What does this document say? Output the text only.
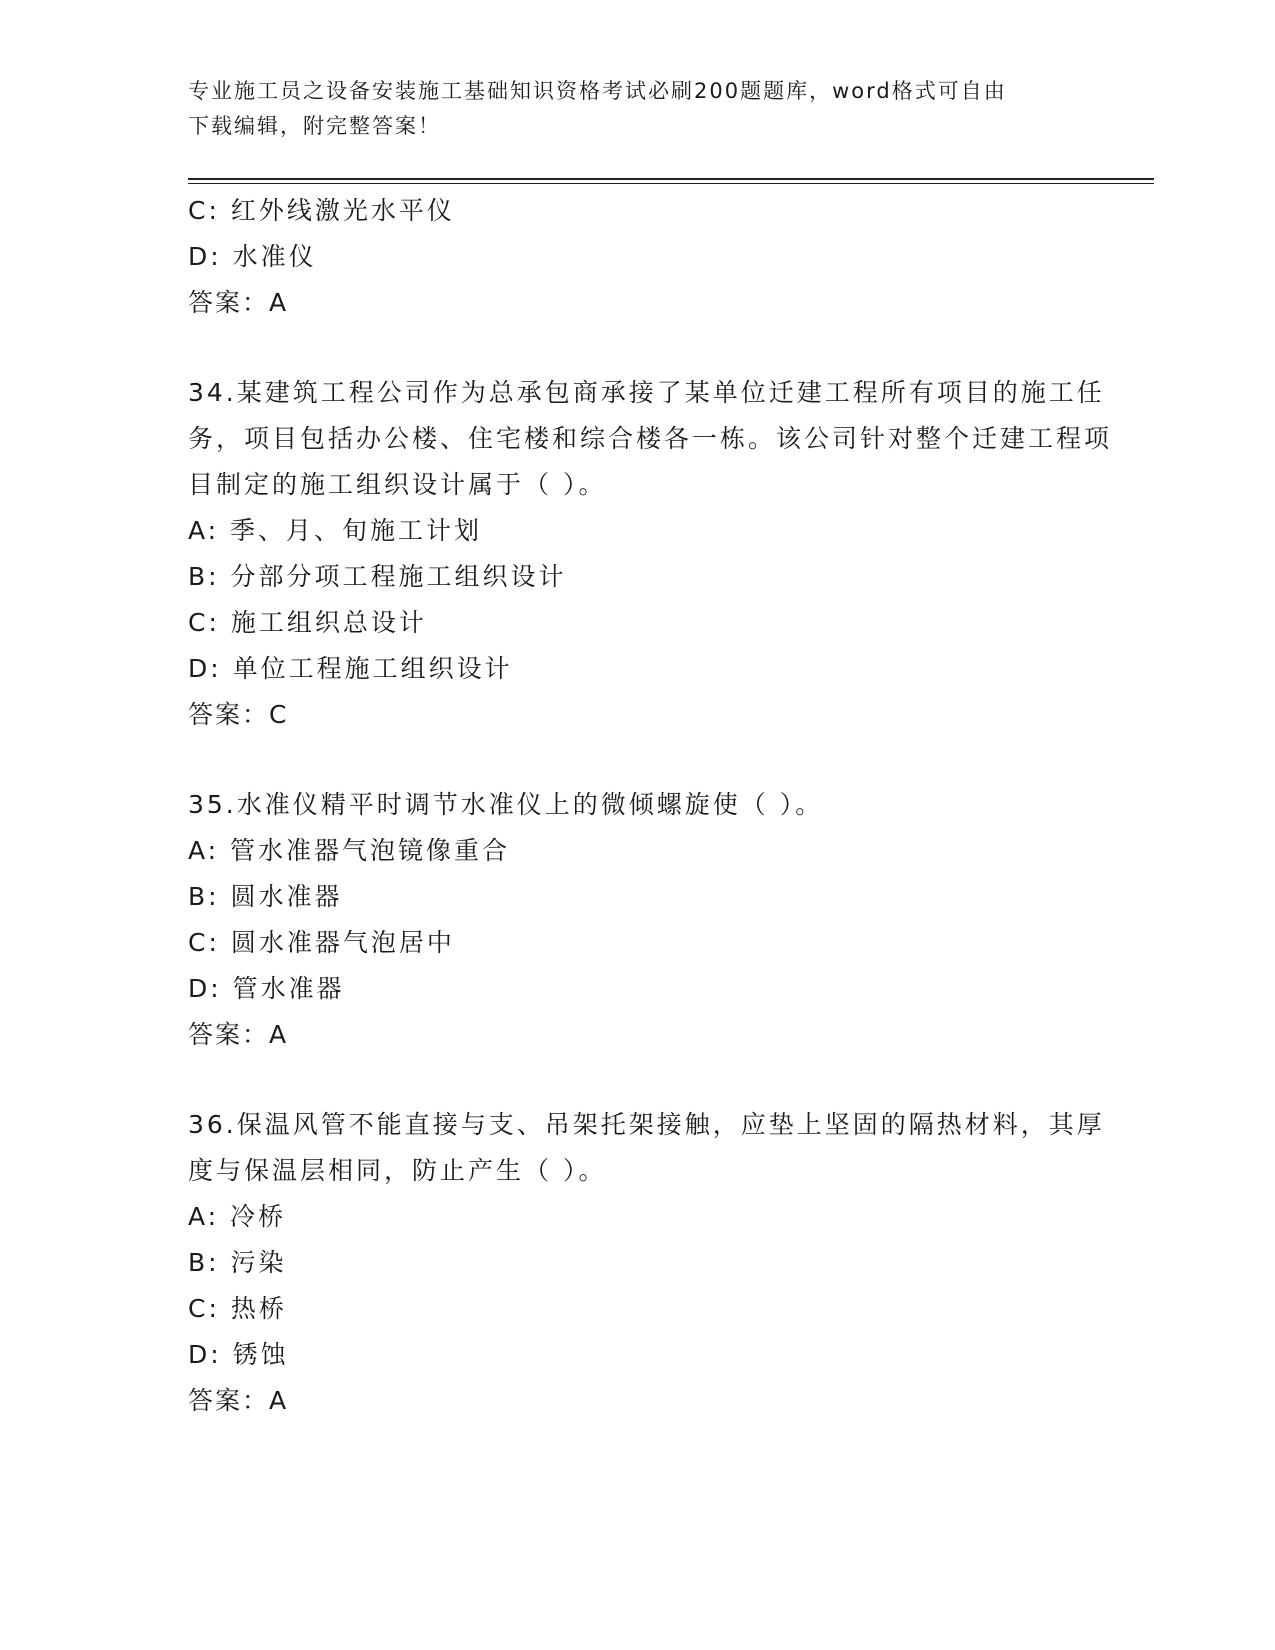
专业施工员之设备安装施工基础知识资格考试必刷200题题库，word格式可自由
下载编辑，附完整答案！
C: 红外线激光水平仪
D: 水准仪
答案：A
34.某建筑工程公司作为总承包商承接了某单位迁建工程所有项目的施工任务，项目包括办公楼、住宅楼和综合楼各一栋。该公司针对整个迁建工程项目制定的施工组织设计属于（ ）。
A: 季、月、旬施工计划
B: 分部分项工程施工组织设计
C: 施工组织总设计
D: 单位工程施工组织设计
答案：C
35.水准仪精平时调节水准仪上的微倾螺旋使（ ）。
A: 管水准器气泡镜像重合
B: 圆水准器
C: 圆水准器气泡居中
D: 管水准器
答案：A
36.保温风管不能直接与支、吊架托架接触，应垫上坚固的隔热材料，其厚度与保温层相同，防止产生（ ）。
A: 冷桥
B: 污染
C: 热桥
D: 锈蚀
答案：A
